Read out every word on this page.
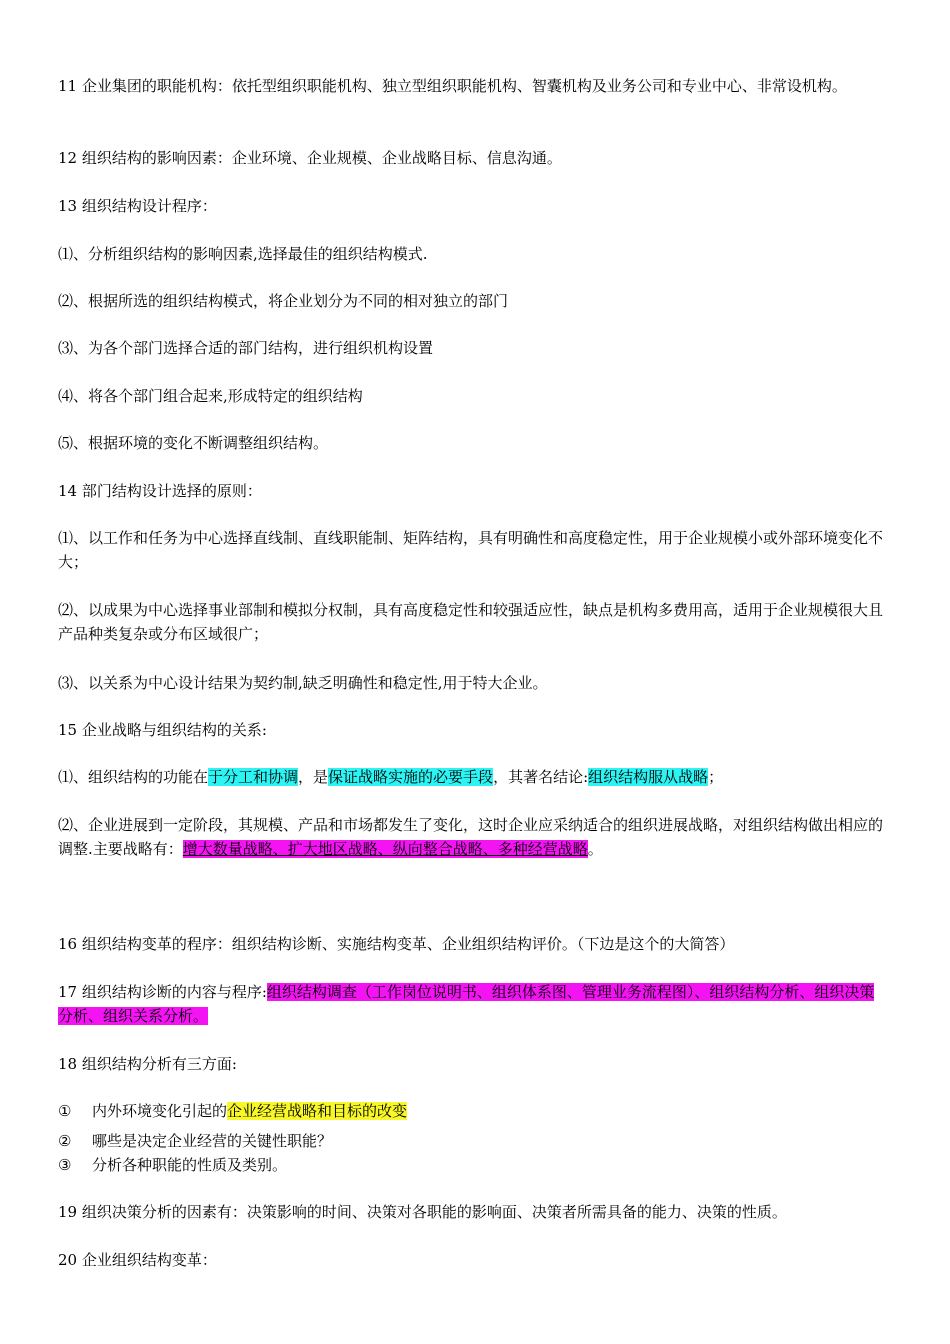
11 企业集团的职能机构：依托型组织职能机构、独立型组织职能机构、智囊机构及业务公司和专业中心、非常设机构。

12 组织结构的影响因素：企业环境、企业规模、企业战略目标、信息沟通。

13 组织结构设计程序：

⑴、分析组织结构的影响因素,选择最佳的组织结构模式.

⑵、根据所选的组织结构模式，将企业划分为不同的相对独立的部门

⑶、为各个部门选择合适的部门结构，进行组织机构设置

⑷、将各个部门组合起来,形成特定的组织结构

⑸、根据环境的变化不断调整组织结构。

14 部门结构设计选择的原则：

⑴、以工作和任务为中心选择直线制、直线职能制、矩阵结构，具有明确性和高度稳定性，用于企业规模小或外部环境变化不大；

⑵、以成果为中心选择事业部制和模拟分权制，具有高度稳定性和较强适应性，缺点是机构多费用高，适用于企业规模很大且产品种类复杂或分布区域很广；

⑶、以关系为中心设计结果为契约制,缺乏明确性和稳定性,用于特大企业。

15 企业战略与组织结构的关系:

⑴、组织结构的功能在于分工和协调，是保证战略实施的必要手段，其著名结论:组织结构服从战略；

⑵、企业进展到一定阶段，其规模、产品和市场都发生了变化，这时企业应采纳适合的组织进展战略，对组织结构做出相应的调整.主要战略有：增大数量战略、扩大地区战略、纵向整合战略、多种经营战略。

16 组织结构变革的程序：组织结构诊断、实施结构变革、企业组织结构评价。（下边是这个的大简答）

17 组织结构诊断的内容与程序:组织结构调查（工作岗位说明书、组织体系图、管理业务流程图）、组织结构分析、组织决策分析、组织关系分析。

18 组织结构分析有三方面:

① 内外环境变化引起的企业经营战略和目标的改变

② 哪些是决定企业经营的关键性职能？

③ 分析各种职能的性质及类别。

19 组织决策分析的因素有：决策影响的时间、决策对各职能的影响面、决策者所需具备的能力、决策的性质。

20 企业组织结构变革：
